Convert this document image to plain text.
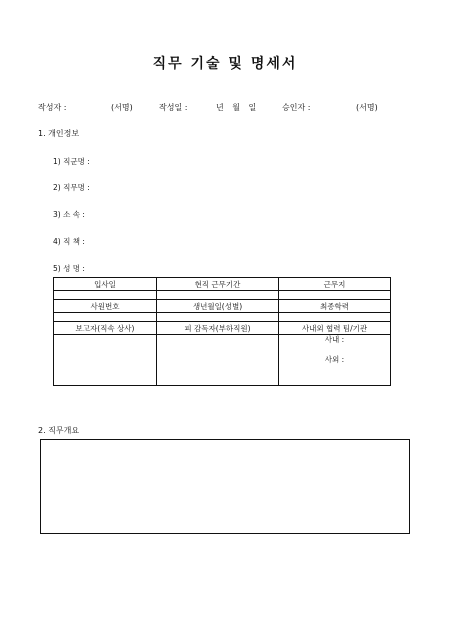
직무 기술 및 명세서
작성자 :	(서명)	작성일 :	년 월 일	승인자 :	(서명)
1. 개인정보
1) 직군명 :
2) 직무명 :
3) 소 속 :
4) 직 책 :
5) 성 명 :
입사일	현직 근무기간	근무지

사원번호	생년월일(성별)	최종학력

보고자(직속 상사)	피 감독자(부하직원)	사내외 협력 팀/기관

		사내 :
사외 :
2. 직무개요
